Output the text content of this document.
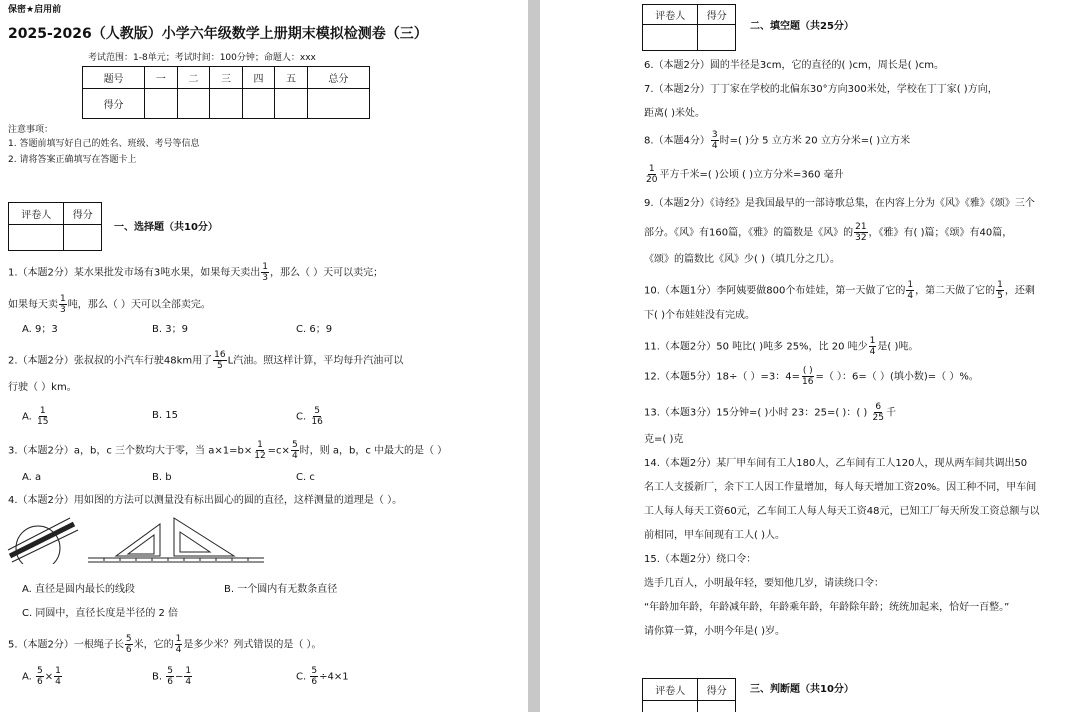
保密★启用前
2025-2026（人教版）小学六年级数学上册期末模拟检测卷（三）
考试范围：1-8单元；考试时间：100分钟；命题人：xxx
题号	一	二	三	四	五	总分
得分						
注意事项：
1. 答题前填写好自己的姓名、班级、考号等信息
2. 请将答案正确填写在答题卡上
评卷人	得分

一、选择题（共10分）
1.（本题2分）某水果批发市场有3吨水果，如果每天卖出 $\frac{1}{3}$ ，那么（ ）天可以卖完；
如果每天卖 $\frac{1}{3}$ 吨，那么（ ）天可以全部卖完。
A. 9；3	B. 3；9	C. 6；9
2.（本题2分）张叔叔的小汽车行驶48km用了 $\frac{16}{5}$ L汽油。照这样计算，平均每升汽油可以
行驶（ ）km。
A. $\frac{1}{15}$	B. 15	C. $\frac{5}{16}$
3.（本题2分）a，b，c 三个数均大于零，当 $a\times 1=b\times \frac{1}{12} =c\times \frac{5}{4}$ 时，则 a，b，c 中最大的是（ ）
A. a	B. b	C. c
4.（本题2分）用如图的方法可以测量没有标出圆心的圆的直径，这样测量的道理是（ ）。
A. 直径是圆内最长的线段	B. 一个圆内有无数条直径
C. 同圆中，直径长度是半径的 2 倍
5.（本题2分）一根绳子长 $\frac{5}{6}$ 米，它的 $\frac{1}{4}$ 是多少米？列式错误的是（ ）。
A. $\frac{5}{6} \times \frac{1}{4}$	B. $\frac{5}{6} - \frac{1}{4}$	C. $\frac{5}{6} \div 4\times 1$
评卷人	得分

二、填空题（共25分）
6.（本题2分）圆的半径是3cm，它的直径的( )cm，周长是( )cm。
7.（本题2分）丁丁家在学校的北偏东30°方向300米处，学校在丁丁家( )方向，
距离( )米处。
8.（本题4分） $\frac{3}{4}$ 时=( )分 5 立方米 20 立方分米=( )立方米
$\frac{1}{20}$ 平方千米=( )公顷 ( )立方分米=360 毫升
9.（本题2分）《诗经》是我国最早的一部诗歌总集，在内容上分为《风》《雅》《颂》三个
部分。《风》有160篇，《雅》的篇数是《风》的 $\frac{21}{32}$ ，《雅》有( )篇；《颂》有40篇，
《颂》的篇数比《风》少( )（填几分之几）。
10.（本题1分）李阿姨要做800个布娃娃，第一天做了它的 $\frac{1}{4}$ ，第二天做了它的 $\frac{1}{5}$ ，还剩
下( )个布娃娃没有完成。
11.（本题2分）50 吨比( )吨多 25%，比 20 吨少 $\frac{1}{4}$ 是( )吨。
12.（本题5分）18÷（ ）=3：4=
( )
16 =（ ）：6=（ ）(填小数)=（ ）%。
13.（本题3分）15分钟=( )小时 23：25=( )：( ) $\frac{6}{25}$ 千
克=( )克
14.（本题2分）某厂甲车间有工人180人，乙车间有工人120人，现从两车间共调出50
名工人支援新厂，余下工人因工作量增加，每人每天增加工资20%。因工种不同，甲车间
工人每人每天工资60元，乙车间工人每人每天工资48元，已知工厂每天所发工资总额与以
前相同，甲车间现有工人( )人。
15.（本题2分）绕口令：
选手几百人，小明最年轻，要知他几岁，请读绕口令：
“年龄加年龄，年龄减年龄，年龄乘年龄，年龄除年龄；统统加起来，恰好一百整。”
请你算一算，小明今年是( )岁。
评卷人	得分
	三、判断题（共10分）
